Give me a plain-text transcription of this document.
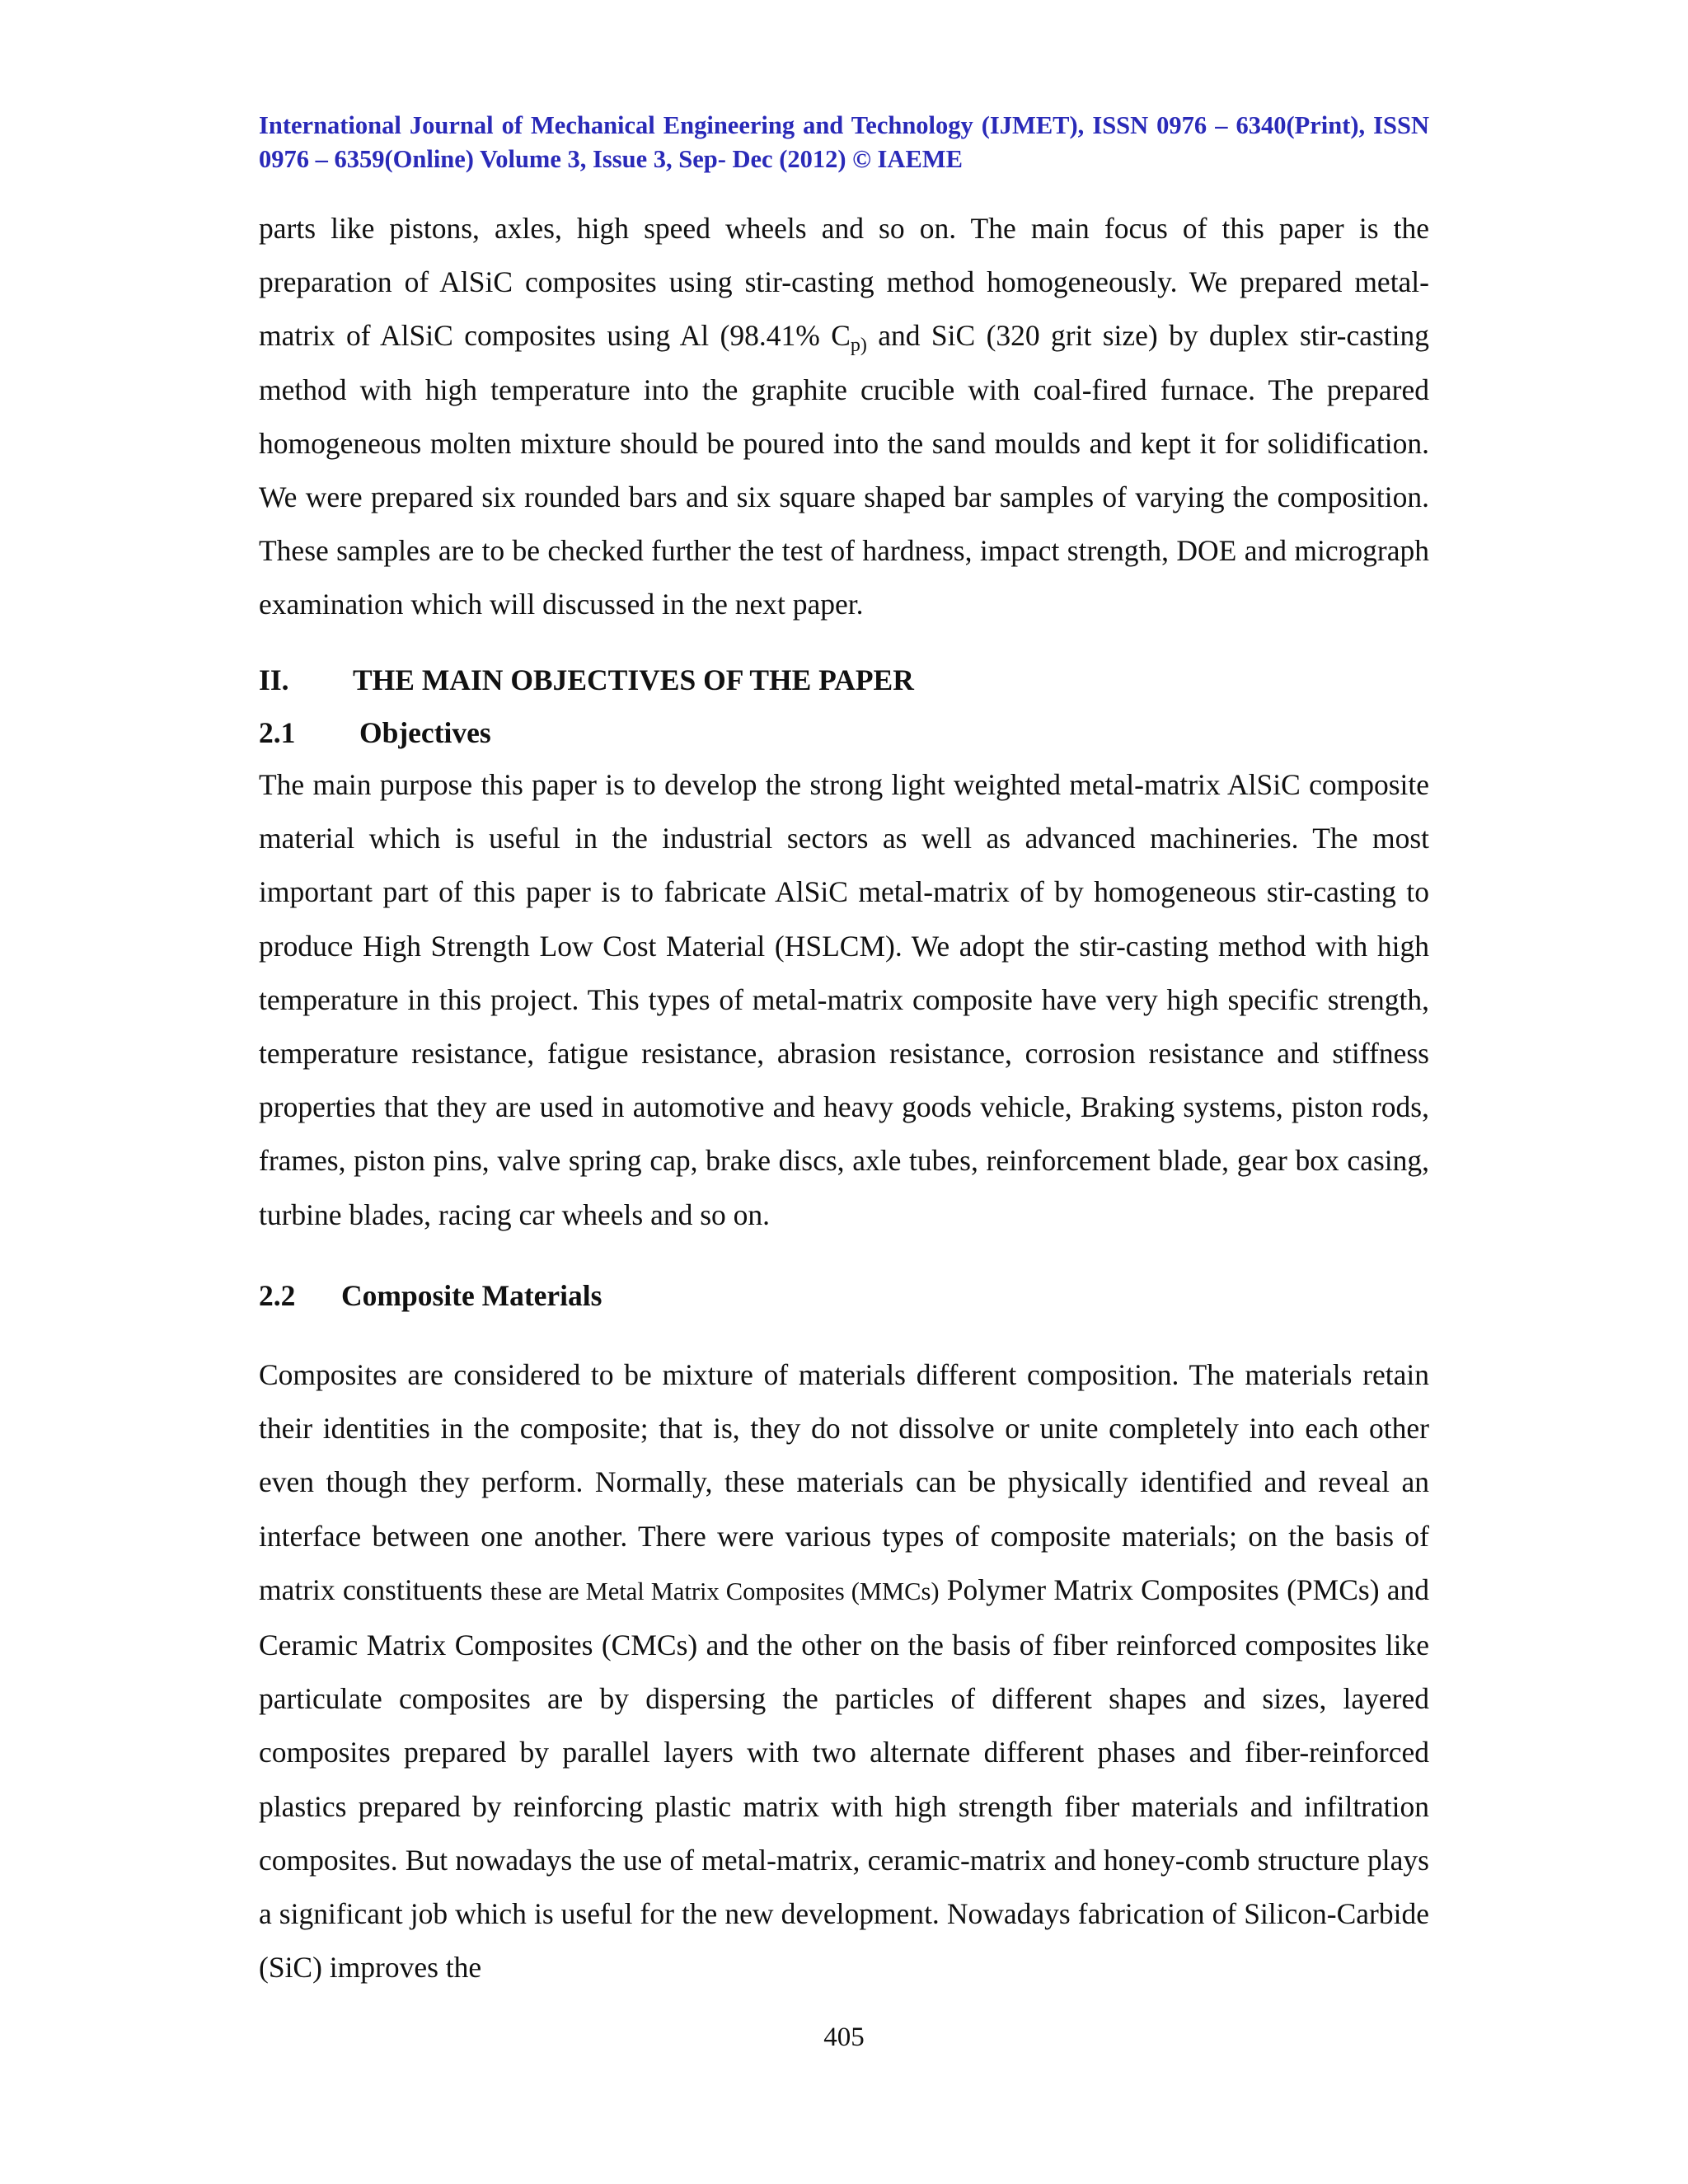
International Journal of Mechanical Engineering and Technology (IJMET), ISSN 0976 – 6340(Print), ISSN 0976 – 6359(Online) Volume 3, Issue 3, Sep- Dec (2012) © IAEME

parts like pistons, axles, high speed wheels and so on. The main focus of this paper is the preparation of AlSiC composites using stir-casting method homogeneously. We prepared metal-matrix of AlSiC composites using Al (98.41% $C_{p)}$ and SiC (320 grit size) by duplex stir-casting method with high temperature into the graphite crucible with coal-fired furnace. The prepared homogeneous molten mixture should be poured into the sand moulds and kept it for solidification. We were prepared six rounded bars and six square shaped bar samples of varying the composition. These samples are to be checked further the test of hardness, impact strength, DOE and micrograph examination which will discussed in the next paper.

II. THE MAIN OBJECTIVES OF THE PAPER
2.1 Objectives

The main purpose this paper is to develop the strong light weighted metal-matrix AlSiC composite material which is useful in the industrial sectors as well as advanced machineries. The most important part of this paper is to fabricate AlSiC metal-matrix of by homogeneous stir-casting to produce High Strength Low Cost Material (HSLCM). We adopt the stir-casting method with high temperature in this project. This types of metal-matrix composite have very high specific strength, temperature resistance, fatigue resistance, abrasion resistance, corrosion resistance and stiffness properties that they are used in automotive and heavy goods vehicle, Braking systems, piston rods, frames, piston pins, valve spring cap, brake discs, axle tubes, reinforcement blade, gear box casing, turbine blades, racing car wheels and so on.

2.2 Composite Materials

Composites are considered to be mixture of materials different composition. The materials retain their identities in the composite; that is, they do not dissolve or unite completely into each other even though they perform. Normally, these materials can be physically identified and reveal an interface between one another. There were various types of composite materials; on the basis of matrix constituents these are Metal Matrix Composites (MMCs) Polymer Matrix Composites (PMCs) and Ceramic Matrix Composites (CMCs) and the other on the basis of fiber reinforced composites like particulate composites are by dispersing the particles of different shapes and sizes, layered composites prepared by parallel layers with two alternate different phases and fiber-reinforced plastics prepared by reinforcing plastic matrix with high strength fiber materials and infiltration composites. But nowadays the use of metal-matrix, ceramic-matrix and honey-comb structure plays a significant job which is useful for the new development. Nowadays fabrication of Silicon-Carbide (SiC) improves the

405
